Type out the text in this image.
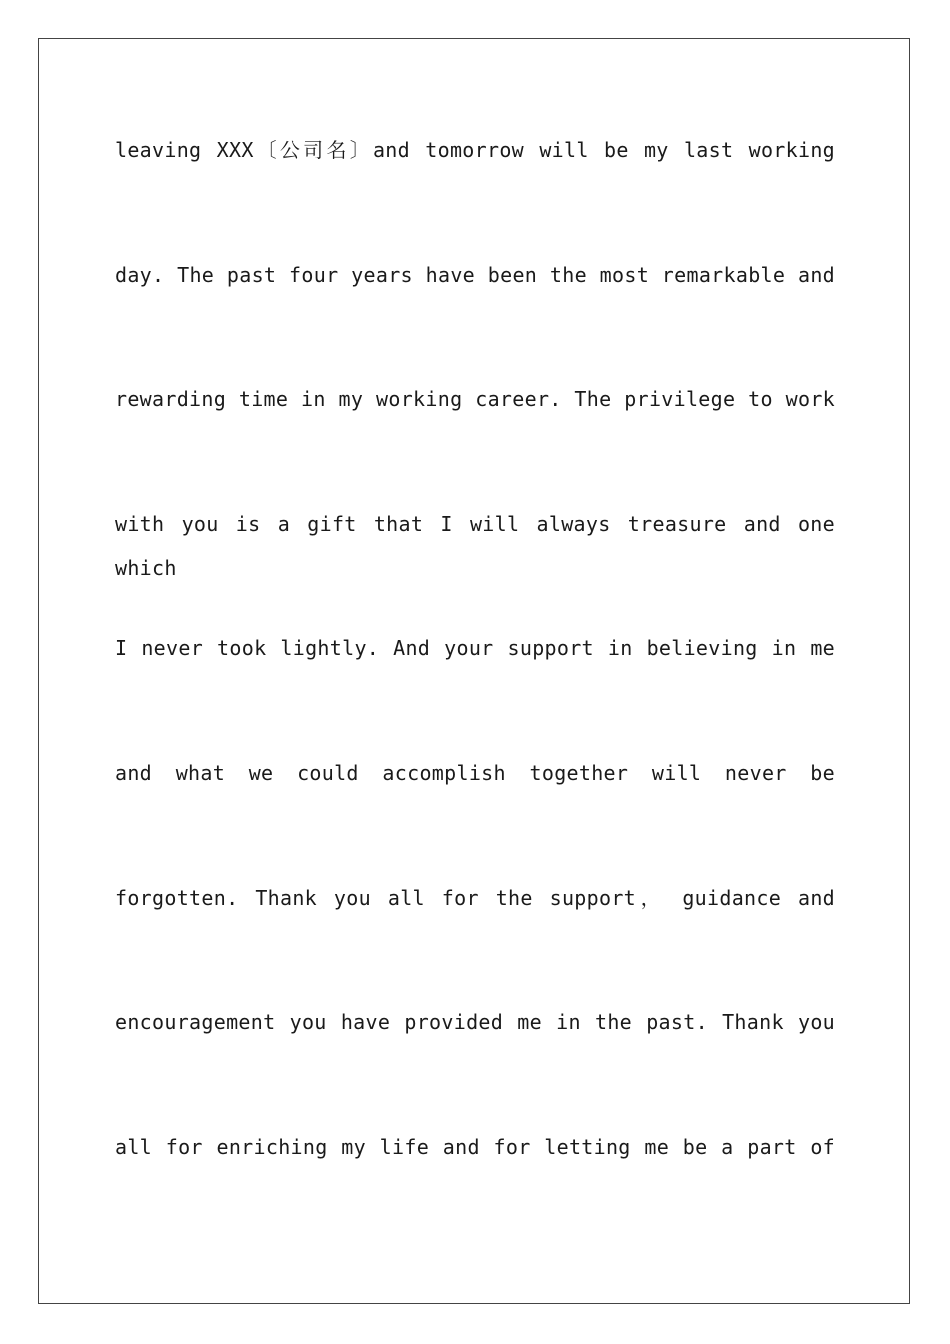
leaving XXX〔公司名〕and tomorrow will be my last working
day. The past four years have been the most remarkable and
rewarding time in my working career. The privilege to work
with you is a gift that I will always treasure and one which
I never took lightly. And your support in believing in me
and what we could accomplish together will never be
forgotten. Thank you all for the support， guidance and
encouragement you have provided me in the past. Thank you
all for enriching my life and for letting me be a part of
